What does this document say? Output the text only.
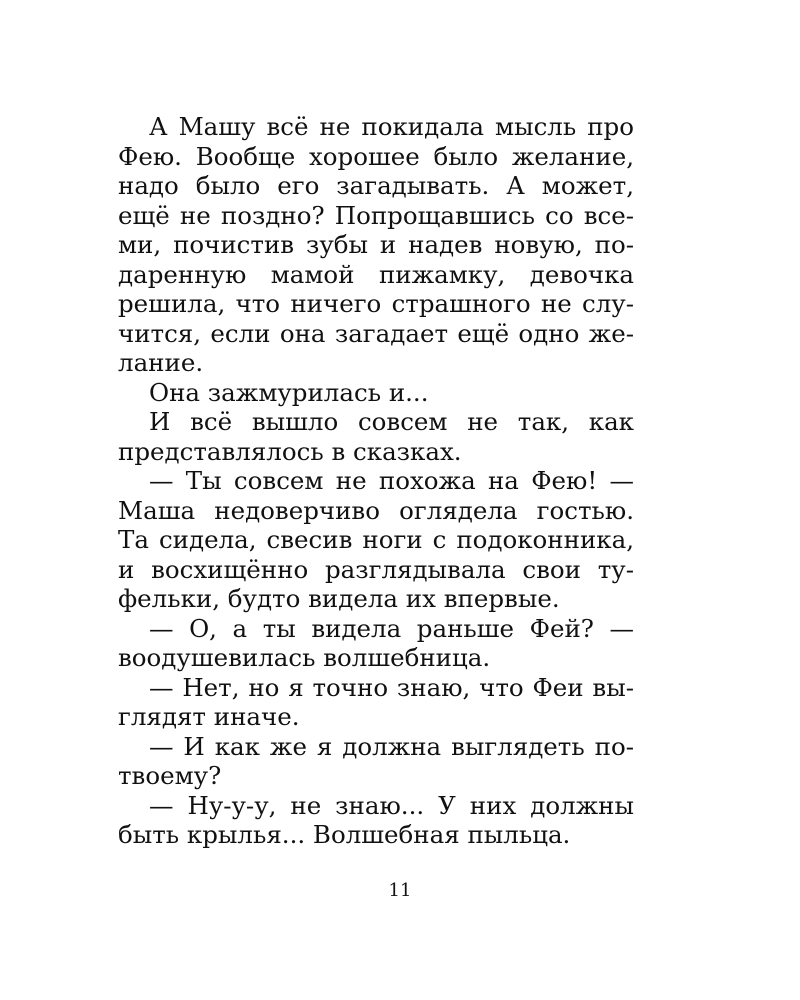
А Машу всё не покидала мысль про
Фею. Вообще хорошее было желание,
надо было его загадывать. А может,
ещё не поздно? Попрощавшись со все-
ми, почистив зубы и надев новую, по-
даренную мамой пижамку, девочка
решила, что ничего страшного не слу-
чится, если она загадает ещё одно же-
лание.
Она зажмурилась и...
И всё вышло совсем не так, как
представлялось в сказках.
— Ты совсем не похожа на Фею! —
Маша недоверчиво оглядела гостью.
Та сидела, свесив ноги с подоконника,
и восхищённо разглядывала свои ту-
фельки, будто видела их впервые.
— О, а ты видела раньше Фей? —
воодушевилась волшебница.
— Нет, но я точно знаю, что Феи вы-
глядят иначе.
— И как же я должна выглядеть по-
твоему?
— Ну-у-у, не знаю... У них должны
быть крылья... Волшебная пыльца.
11
